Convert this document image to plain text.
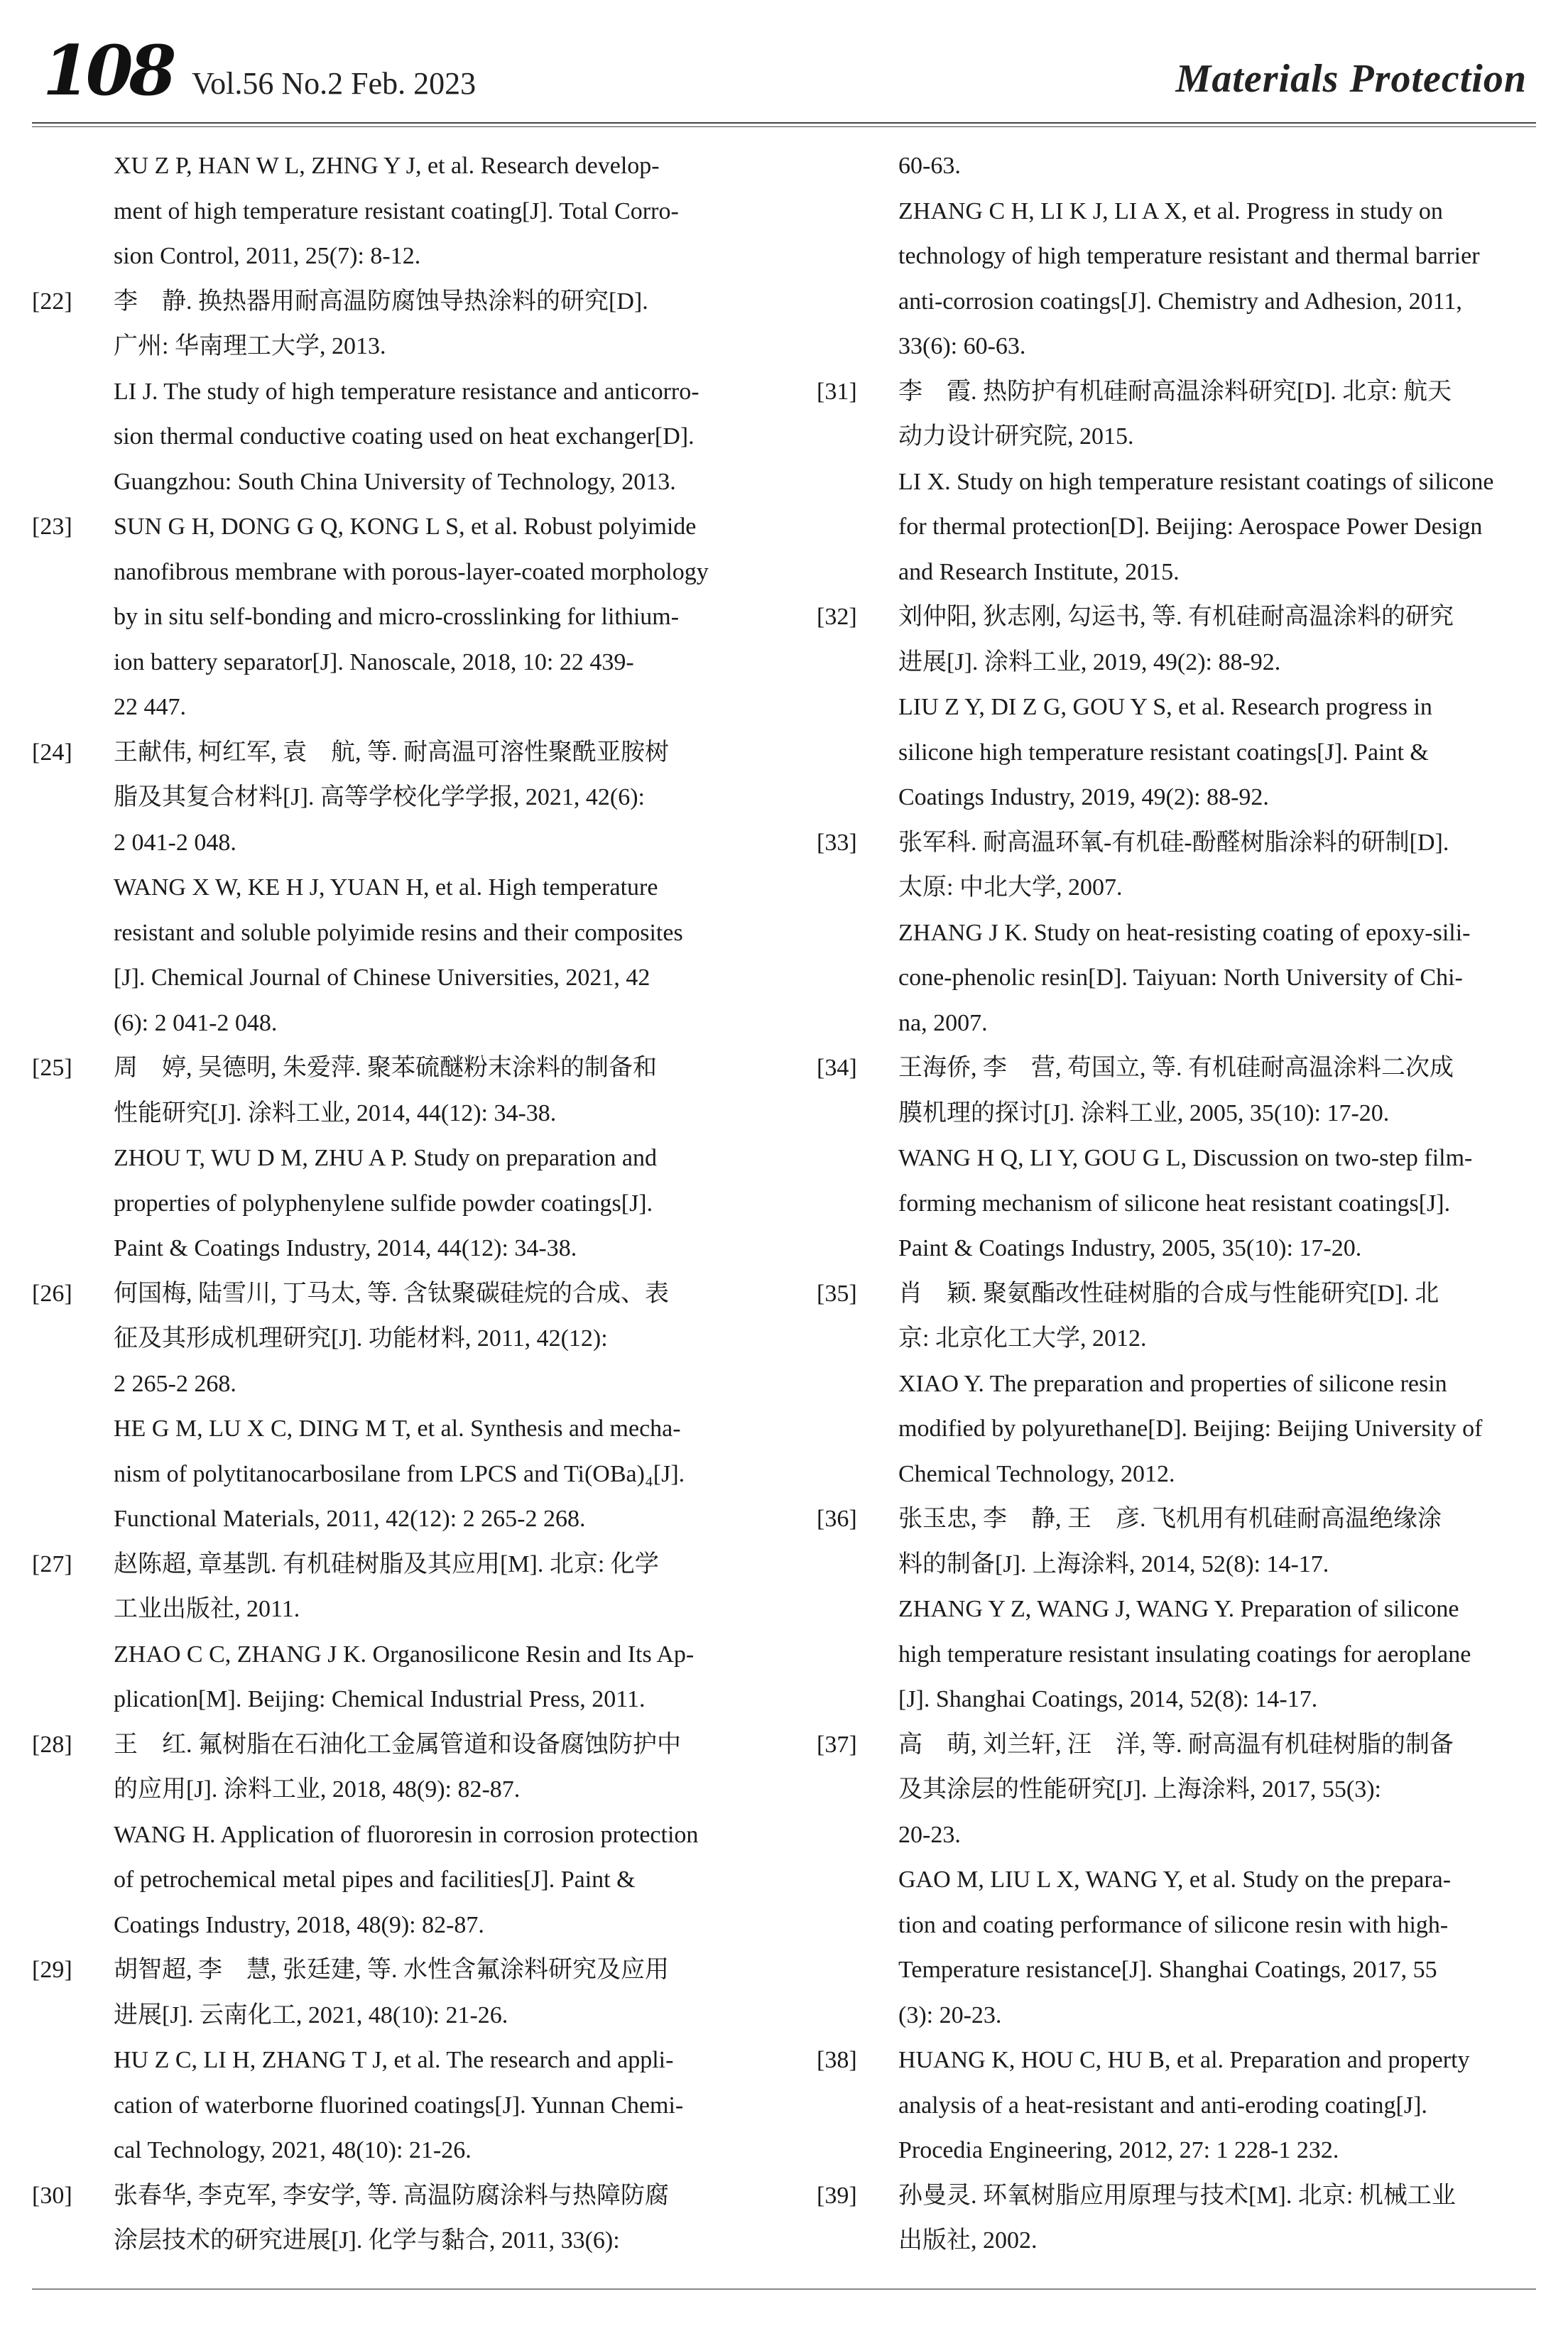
108 Vol.56 No.2 Feb. 2023	Materials Protection
XU Z P, HAN W L, ZHNG Y J, et al. Research develop-
ment of high temperature resistant coating[J]. Total Corro-
sion Control, 2011, 25(7): 8-12.
[22]	李　静. 换热器用耐高温防腐蚀导热涂料的研究[D].
广州: 华南理工大学, 2013.
LI J. The study of high temperature resistance and anticorro-
sion thermal conductive coating used on heat exchanger[D].
Guangzhou: South China University of Technology, 2013.
[23]	SUN G H, DONG G Q, KONG L S, et al. Robust polyimide
nanofibrous membrane with porous-layer-coated morphology
by in situ self-bonding and micro-crosslinking for lithium-
ion battery separator[J]. Nanoscale, 2018, 10: 22 439-
22 447.
[24]	王献伟, 柯红军, 袁　航, 等. 耐高温可溶性聚酰亚胺树
脂及其复合材料[J]. 高等学校化学学报, 2021, 42(6):
2 041-2 048.
WANG X W, KE H J, YUAN H, et al. High temperature
resistant and soluble polyimide resins and their composites
[J]. Chemical Journal of Chinese Universities, 2021, 42
(6): 2 041-2 048.
[25]	周　婷, 吴德明, 朱爱萍. 聚苯硫醚粉末涂料的制备和
性能研究[J]. 涂料工业, 2014, 44(12): 34-38.
ZHOU T, WU D M, ZHU A P. Study on preparation and
properties of polyphenylene sulfide powder coatings[J].
Paint & Coatings Industry, 2014, 44(12): 34-38.
[26]	何国梅, 陆雪川, 丁马太, 等. 含钛聚碳硅烷的合成、表
征及其形成机理研究[J]. 功能材料, 2011, 42(12):
2 265-2 268.
HE G M, LU X C, DING M T, et al. Synthesis and mecha-
nism of polytitanocarbosilane from LPCS and Ti(OBa)₄[J].
Functional Materials, 2011, 42(12): 2 265-2 268.
[27]	赵陈超, 章基凯. 有机硅树脂及其应用[M]. 北京: 化学
工业出版社, 2011.
ZHAO C C, ZHANG J K. Organosilicone Resin and Its Ap-
plication[M]. Beijing: Chemical Industrial Press, 2011.
[28]	王　红. 氟树脂在石油化工金属管道和设备腐蚀防护中
的应用[J]. 涂料工业, 2018, 48(9): 82-87.
WANG H. Application of fluororesin in corrosion protection
of petrochemical metal pipes and facilities[J]. Paint &
Coatings Industry, 2018, 48(9): 82-87.
[29]	胡智超, 李　慧, 张廷建, 等. 水性含氟涂料研究及应用
进展[J]. 云南化工, 2021, 48(10): 21-26.
HU Z C, LI H, ZHANG T J, et al. The research and appli-
cation of waterborne fluorined coatings[J]. Yunnan Chemi-
cal Technology, 2021, 48(10): 21-26.
[30]	张春华, 李克军, 李安学, 等. 高温防腐涂料与热障防腐
涂层技术的研究进展[J]. 化学与黏合, 2011, 33(6):
60-63.
ZHANG C H, LI K J, LI A X, et al. Progress in study on
technology of high temperature resistant and thermal barrier
anti-corrosion coatings[J]. Chemistry and Adhesion, 2011,
33(6): 60-63.
[31]	李　霞. 热防护有机硅耐高温涂料研究[D]. 北京: 航天
动力设计研究院, 2015.
LI X. Study on high temperature resistant coatings of silicone
for thermal protection[D]. Beijing: Aerospace Power Design
and Research Institute, 2015.
[32]	刘仲阳, 狄志刚, 勾运书, 等. 有机硅耐高温涂料的研究
进展[J]. 涂料工业, 2019, 49(2): 88-92.
LIU Z Y, DI Z G, GOU Y S, et al. Research progress in
silicone high temperature resistant coatings[J]. Paint &
Coatings Industry, 2019, 49(2): 88-92.
[33]	张军科. 耐高温环氧-有机硅-酚醛树脂涂料的研制[D].
太原: 中北大学, 2007.
ZHANG J K. Study on heat-resisting coating of epoxy-sili-
cone-phenolic resin[D]. Taiyuan: North University of Chi-
na, 2007.
[34]	王海侨, 李　营, 苟国立, 等. 有机硅耐高温涂料二次成
膜机理的探讨[J]. 涂料工业, 2005, 35(10): 17-20.
WANG H Q, LI Y, GOU G L, Discussion on two-step film-
forming mechanism of silicone heat resistant coatings[J].
Paint & Coatings Industry, 2005, 35(10): 17-20.
[35]	肖　颖. 聚氨酯改性硅树脂的合成与性能研究[D]. 北
京: 北京化工大学, 2012.
XIAO Y. The preparation and properties of silicone resin
modified by polyurethane[D]. Beijing: Beijing University of
Chemical Technology, 2012.
[36]	张玉忠, 李　静, 王　彦. 飞机用有机硅耐高温绝缘涂
料的制备[J]. 上海涂料, 2014, 52(8): 14-17.
ZHANG Y Z, WANG J, WANG Y. Preparation of silicone
high temperature resistant insulating coatings for aeroplane
[J]. Shanghai Coatings, 2014, 52(8): 14-17.
[37]	高　萌, 刘兰轩, 汪　洋, 等. 耐高温有机硅树脂的制备
及其涂层的性能研究[J]. 上海涂料, 2017, 55(3):
20-23.
GAO M, LIU L X, WANG Y, et al. Study on the prepara-
tion and coating performance of silicone resin with high-
Temperature resistance[J]. Shanghai Coatings, 2017, 55
(3): 20-23.
[38]	HUANG K, HOU C, HU B, et al. Preparation and property
analysis of a heat-resistant and anti-eroding coating[J].
Procedia Engineering, 2012, 27: 1 228-1 232.
[39]	孙曼灵. 环氧树脂应用原理与技术[M]. 北京: 机械工业
出版社, 2002.
